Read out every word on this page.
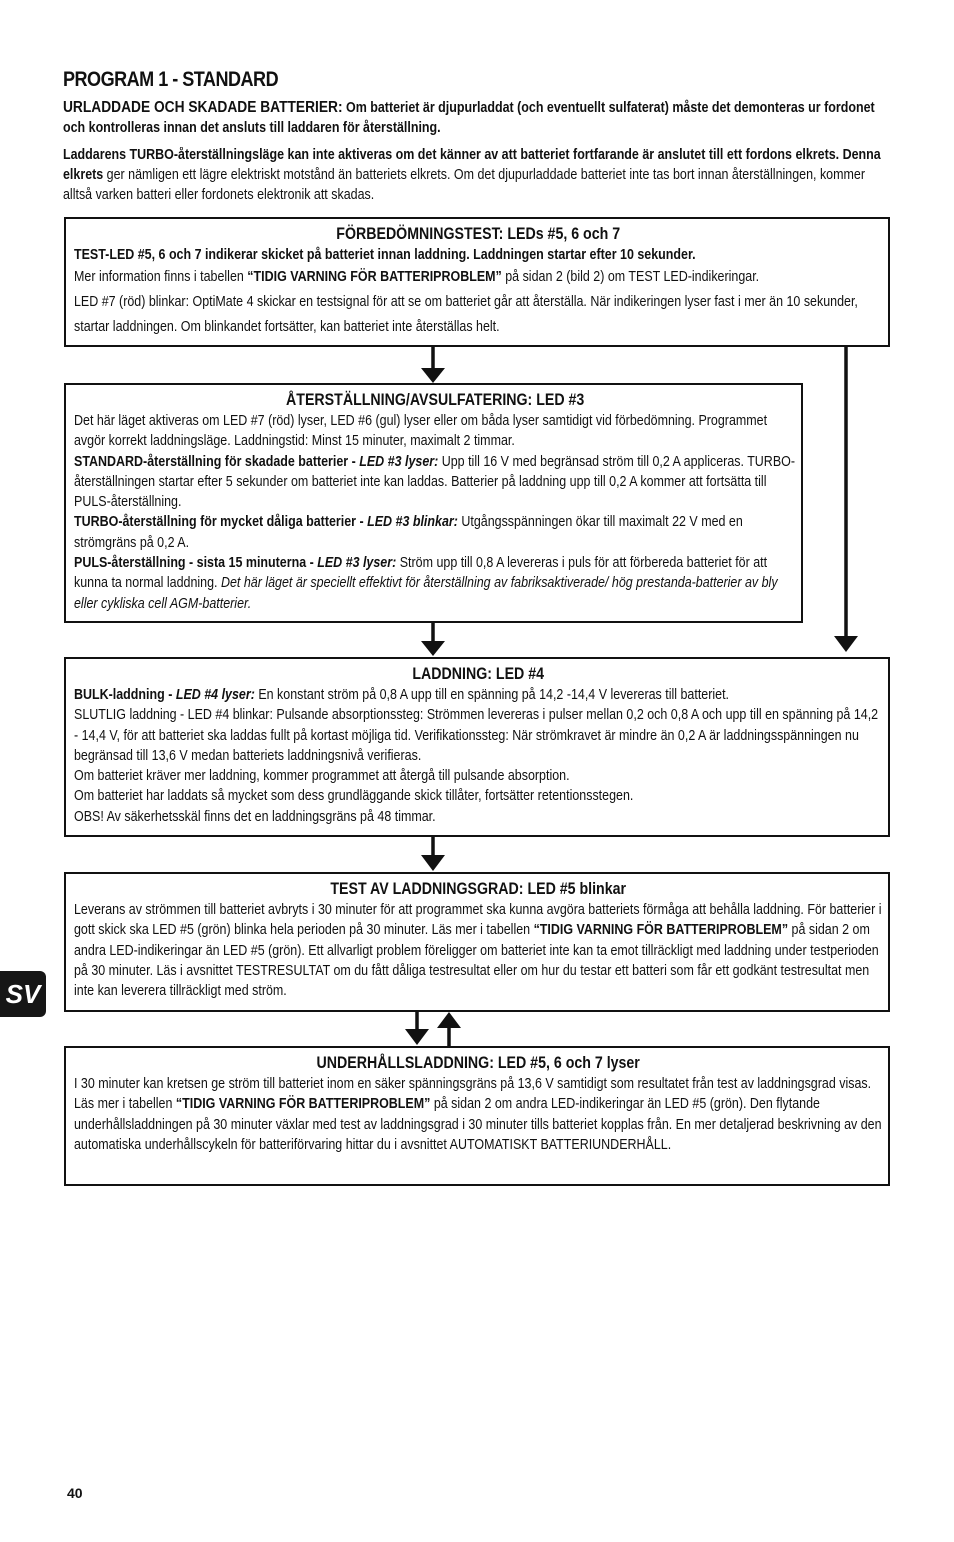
PROGRAM 1 - STANDARD
URLADDADE OCH SKADADE BATTERIER: Om batteriet är djupurladdat (och eventuellt sulfaterat) måste det demonteras ur fordonet och kontrolleras innan det ansluts till laddaren för återställning.
Laddarens TURBO-återställningsläge kan inte aktiveras om det känner av att batteriet fortfarande är anslutet till ett fordons elkrets. Denna elkrets ger nämligen ett lägre elektriskt motstånd än batteriets elkrets. Om det djupurladdade batteriet inte tas bort innan återställningen, kommer alltså varken batteri eller fordonets elektronik att skadas.
FÖRBEDÖMNINGSTEST: LEDs #5, 6 och 7
TEST-LED #5, 6 och 7 indikerar skicket på batteriet innan laddning. Laddningen startar efter 10 sekunder.
Mer information finns i tabellen “TIDIG VARNING FÖR BATTERIPROBLEM” på sidan 2 (bild 2) om TEST LED-indikeringar.
LED #7 (röd) blinkar: OptiMate 4 skickar en testsignal för att se om batteriet går att återställa. När indikeringen lyser fast i mer än 10 sekunder, startar laddningen. Om blinkandet fortsätter, kan batteriet inte återställas helt.
ÅTERSTÄLLNING/AVSULFATERING: LED #3
Det här läget aktiveras om LED #7 (röd) lyser, LED #6 (gul) lyser eller om båda lyser samtidigt vid förbedömning. Programmet avgör korrekt laddningsläge. Laddningstid: Minst 15 minuter, maximalt 2 timmar.
STANDARD-återställning för skadade batterier - LED #3 lyser: Upp till 16 V med begränsad ström till 0,2 A appliceras. TURBO-återställningen startar efter 5 sekunder om batteriet inte kan laddas. Batterier på laddning upp till 0,2 A kommer att fortsätta till PULS-återställning.
TURBO-återställning för mycket dåliga batterier - LED #3 blinkar: Utgångsspänningen ökar till maximalt 22 V med en strömgräns på 0,2 A.
PULS-återställning - sista 15 minuterna - LED #3 lyser: Ström upp till 0,8 A levereras i puls för att förbereda batteriet för att kunna ta normal laddning. Det här läget är speciellt effektivt för återställning av fabriksaktiverade/ hög prestanda-batterier av bly eller cykliska cell AGM-batterier.
LADDNING: LED #4
BULK-laddning - LED #4 lyser: En konstant ström på 0,8 A upp till en spänning på 14,2 -14,4 V levereras till batteriet.
SLUTLIG laddning - LED #4 blinkar: Pulsande absorptionssteg: Strömmen levereras i pulser mellan 0,2 och 0,8 A och upp till en spänning på 14,2 - 14,4 V, för att batteriet ska laddas fullt på kortast möjliga tid. Verifikationssteg: När strömkravet är mindre än 0,2 A är laddningsspänningen nu begränsad till 13,6 V medan batteriets laddningsnivå verifieras.
Om batteriet kräver mer laddning, kommer programmet att återgå till pulsande absorption.
Om batteriet har laddats så mycket som dess grundläggande skick tillåter, fortsätter retentionsstegen.
OBS! Av säkerhetsskäl finns det en laddningsgräns på 48 timmar.
TEST AV LADDNINGSGRAD: LED #5 blinkar
Leverans av strömmen till batteriet avbryts i 30 minuter för att programmet ska kunna avgöra batteriets förmåga att behålla laddning. För batterier i gott skick ska LED #5 (grön) blinka hela perioden på 30 minuter. Läs mer i tabellen “TIDIG VARNING FÖR BATTERIPROBLEM” på sidan 2 om andra LED-indikeringar än LED #5 (grön). Ett allvarligt problem föreligger om batteriet inte kan ta emot tillräckligt med laddning under testperioden på 30 minuter. Läs i avsnittet TESTRESULTAT om du fått dåliga testresultat eller om hur du testar ett batteri som får ett godkänt testresultat men inte kan leverera tillräckligt med ström.
UNDERHÅLLSLADDNING: LED #5, 6 och 7 lyser
I 30 minuter kan kretsen ge ström till batteriet inom en säker spänningsgräns på 13,6 V samtidigt som resultatet från test av laddningsgrad visas. Läs mer i tabellen “TIDIG VARNING FÖR BATTERIPROBLEM” på sidan 2 om andra LED-indikeringar än LED #5 (grön). Den flytande underhållsladdningen på 30 minuter växlar med test av laddningsgrad i 30 minuter tills batteriet kopplas från. En mer detaljerad beskrivning av den automatiska underhållscykeln för batteriförvaring hittar du i avsnittet AUTOMATISKT BATTERIUNDERHÅLL.
SV
40
